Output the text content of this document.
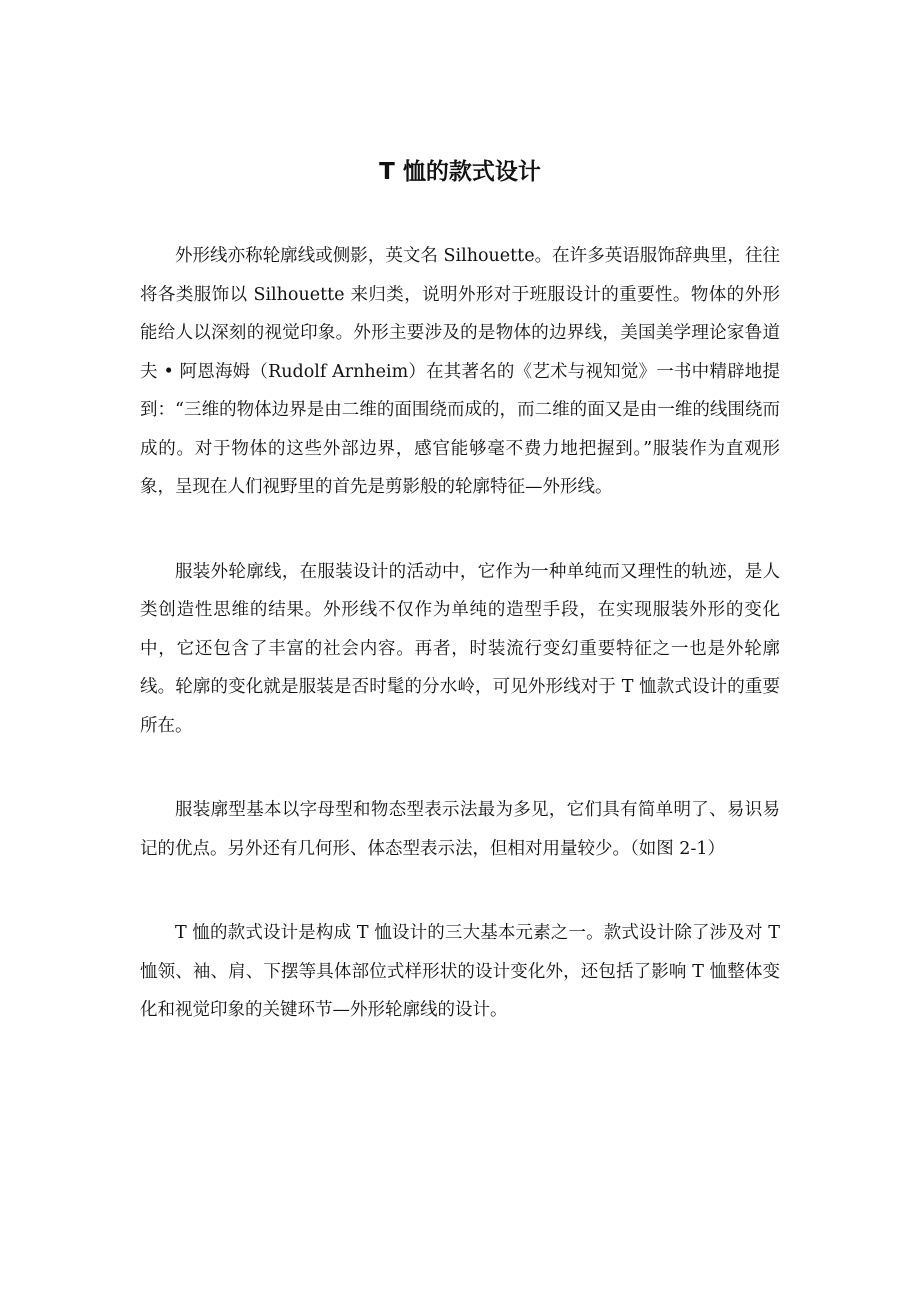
T 恤的款式设计

外形线亦称轮廓线或侧影，英文名 Silhouette。在许多英语服饰辞典里，往往将各类服饰以 Silhouette 来归类，说明外形对于班服设计的重要性。物体的外形能给人以深刻的视觉印象。外形主要涉及的是物体的边界线，美国美学理论家鲁道夫 • 阿恩海姆（Rudolf Arnheim）在其著名的《艺术与视知觉》一书中精辟地提到：“三维的物体边界是由二维的面围绕而成的，而二维的面又是由一维的线围绕而成的。对于物体的这些外部边界，感官能够毫不费力地把握到。”服装作为直观形象，呈现在人们视野里的首先是剪影般的轮廓特征—外形线。

服装外轮廓线，在服装设计的活动中，它作为一种单纯而又理性的轨迹，是人类创造性思维的结果。外形线不仅作为单纯的造型手段，在实现服装外形的变化中，它还包含了丰富的社会内容。再者，时装流行变幻重要特征之一也是外轮廓线。轮廓的变化就是服装是否时髦的分水岭，可见外形线对于 T 恤款式设计的重要所在。

服装廓型基本以字母型和物态型表示法最为多见，它们具有简单明了、易识易记的优点。另外还有几何形、体态型表示法，但相对用量较少。（如图 2-1）

T 恤的款式设计是构成 T 恤设计的三大基本元素之一。款式设计除了涉及对 T 恤领、袖、肩、下摆等具体部位式样形状的设计变化外，还包括了影响 T 恤整体变化和视觉印象的关键环节—外形轮廓线的设计。
